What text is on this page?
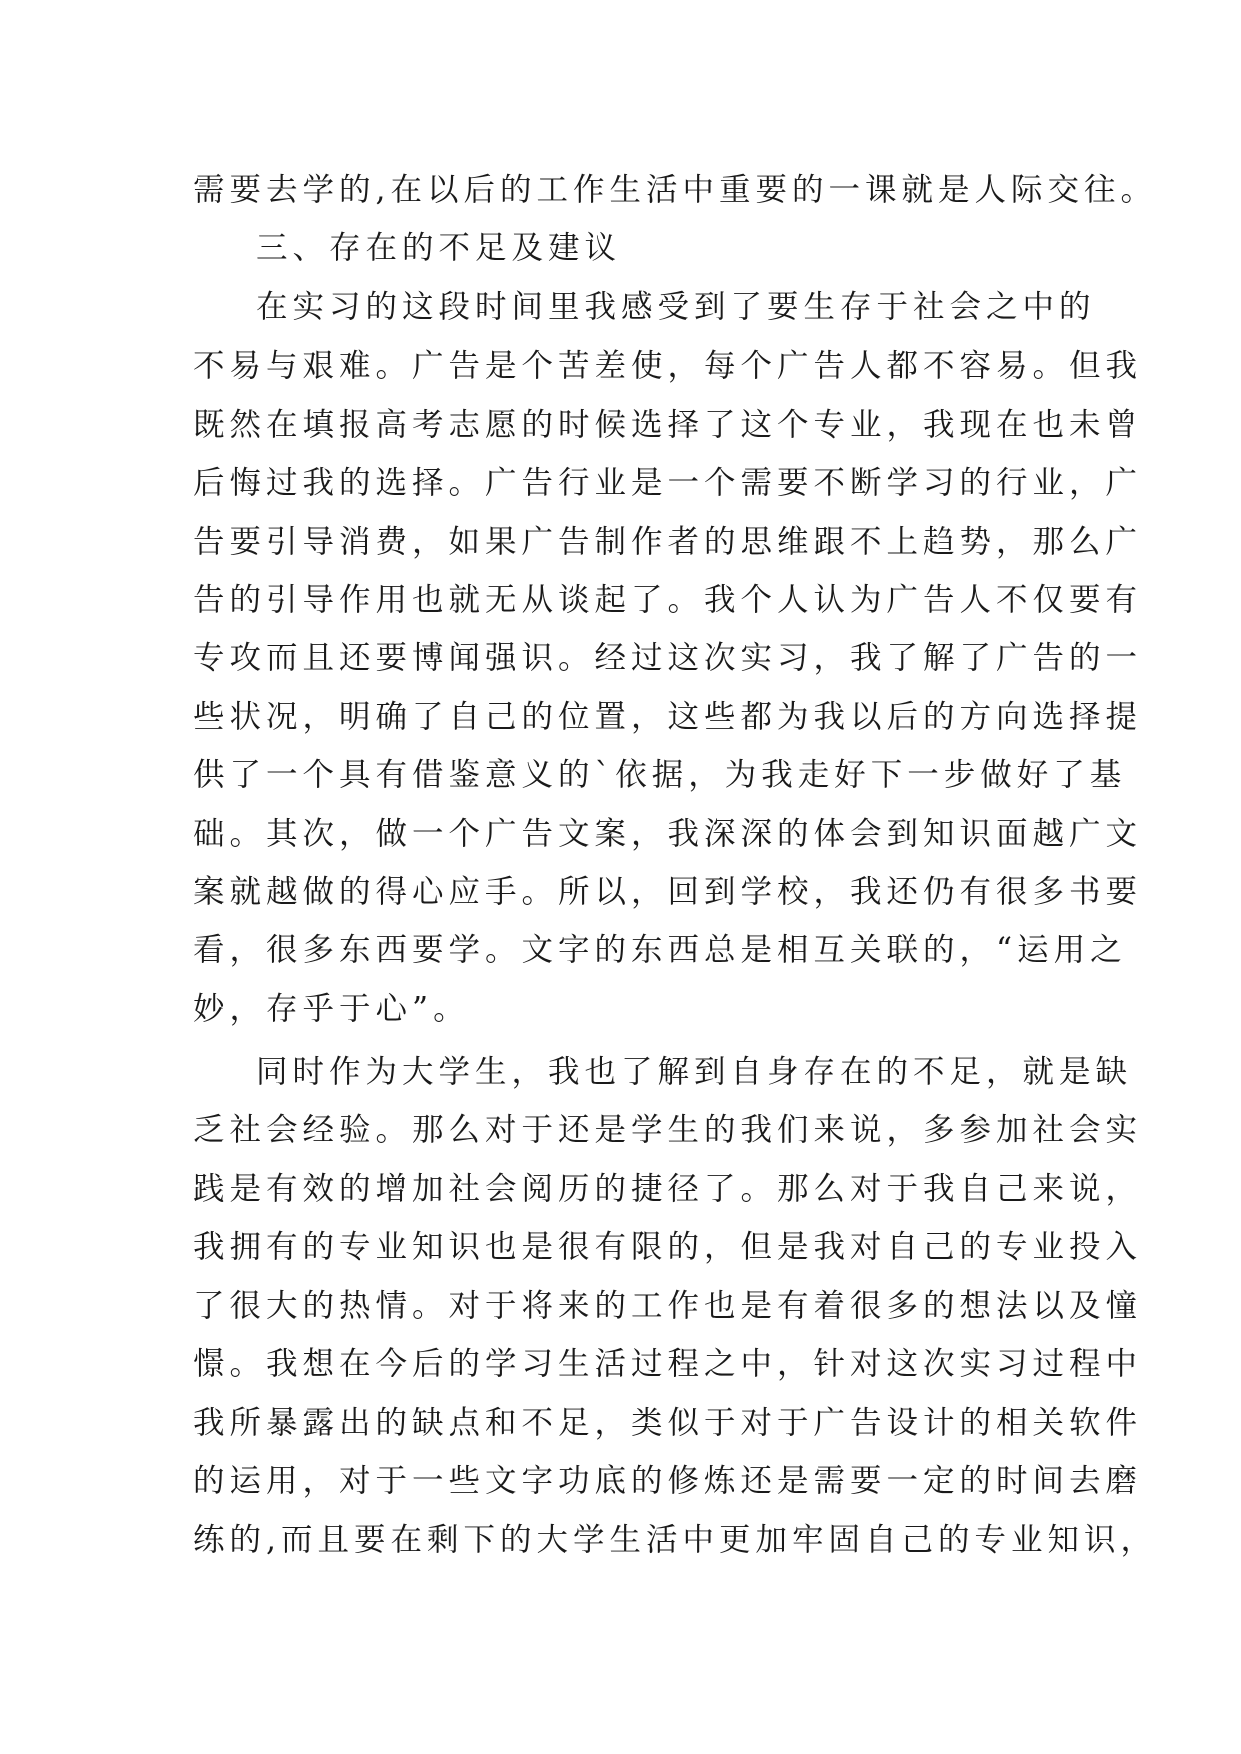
需要去学的,在以后的工作生活中重要的一课就是人际交往。
三、存在的不足及建议
在实习的这段时间里我感受到了要生存于社会之中的
不易与艰难。广告是个苦差使，每个广告人都不容易。但我
既然在填报高考志愿的时候选择了这个专业，我现在也未曾
后悔过我的选择。广告行业是一个需要不断学习的行业，广
告要引导消费，如果广告制作者的思维跟不上趋势，那么广
告的引导作用也就无从谈起了。我个人认为广告人不仅要有
专攻而且还要博闻强识。经过这次实习，我了解了广告的一
些状况，明确了自己的位置，这些都为我以后的方向选择提
供了一个具有借鉴意义的`依据，为我走好下一步做好了基
础。其次，做一个广告文案，我深深的体会到知识面越广文
案就越做的得心应手。所以，回到学校，我还仍有很多书要
看，很多东西要学。文字的东西总是相互关联的，“运用之
妙，存乎于心”。
同时作为大学生，我也了解到自身存在的不足，就是缺
乏社会经验。那么对于还是学生的我们来说，多参加社会实
践是有效的增加社会阅历的捷径了。那么对于我自己来说，
我拥有的专业知识也是很有限的，但是我对自己的专业投入
了很大的热情。对于将来的工作也是有着很多的想法以及憧
憬。我想在今后的学习生活过程之中，针对这次实习过程中
我所暴露出的缺点和不足，类似于对于广告设计的相关软件
的运用，对于一些文字功底的修炼还是需要一定的时间去磨
练的,而且要在剩下的大学生活中更加牢固自己的专业知识，
